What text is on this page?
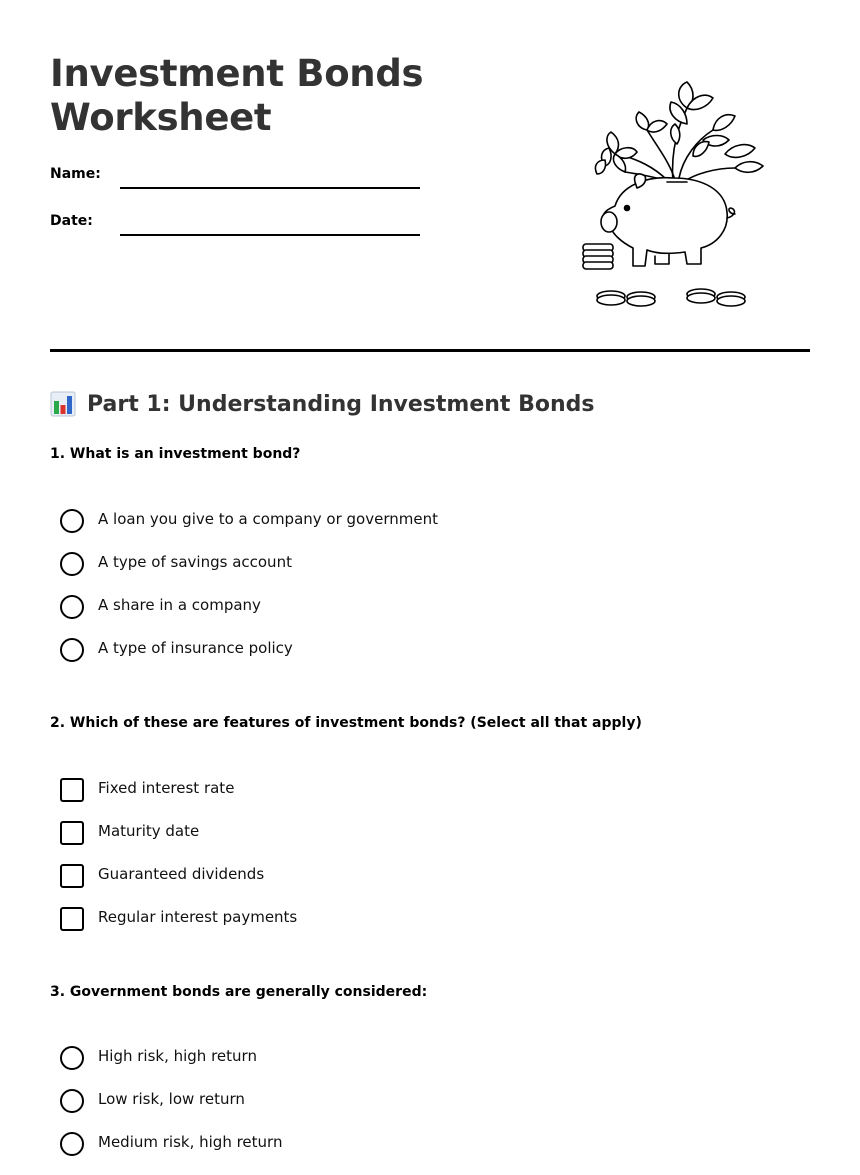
Investment Bonds
Worksheet
Name:
Date:
Part 1: Understanding Investment Bonds

1. What is an investment bond?

A loan you give to a company or government
A type of savings account
A share in a company
A type of insurance policy

2. Which of these are features of investment bonds? (Select all that apply)

Fixed interest rate
Maturity date
Guaranteed dividends
Regular interest payments

3. Government bonds are generally considered:

High risk, high return
Low risk, low return
Medium risk, high return
